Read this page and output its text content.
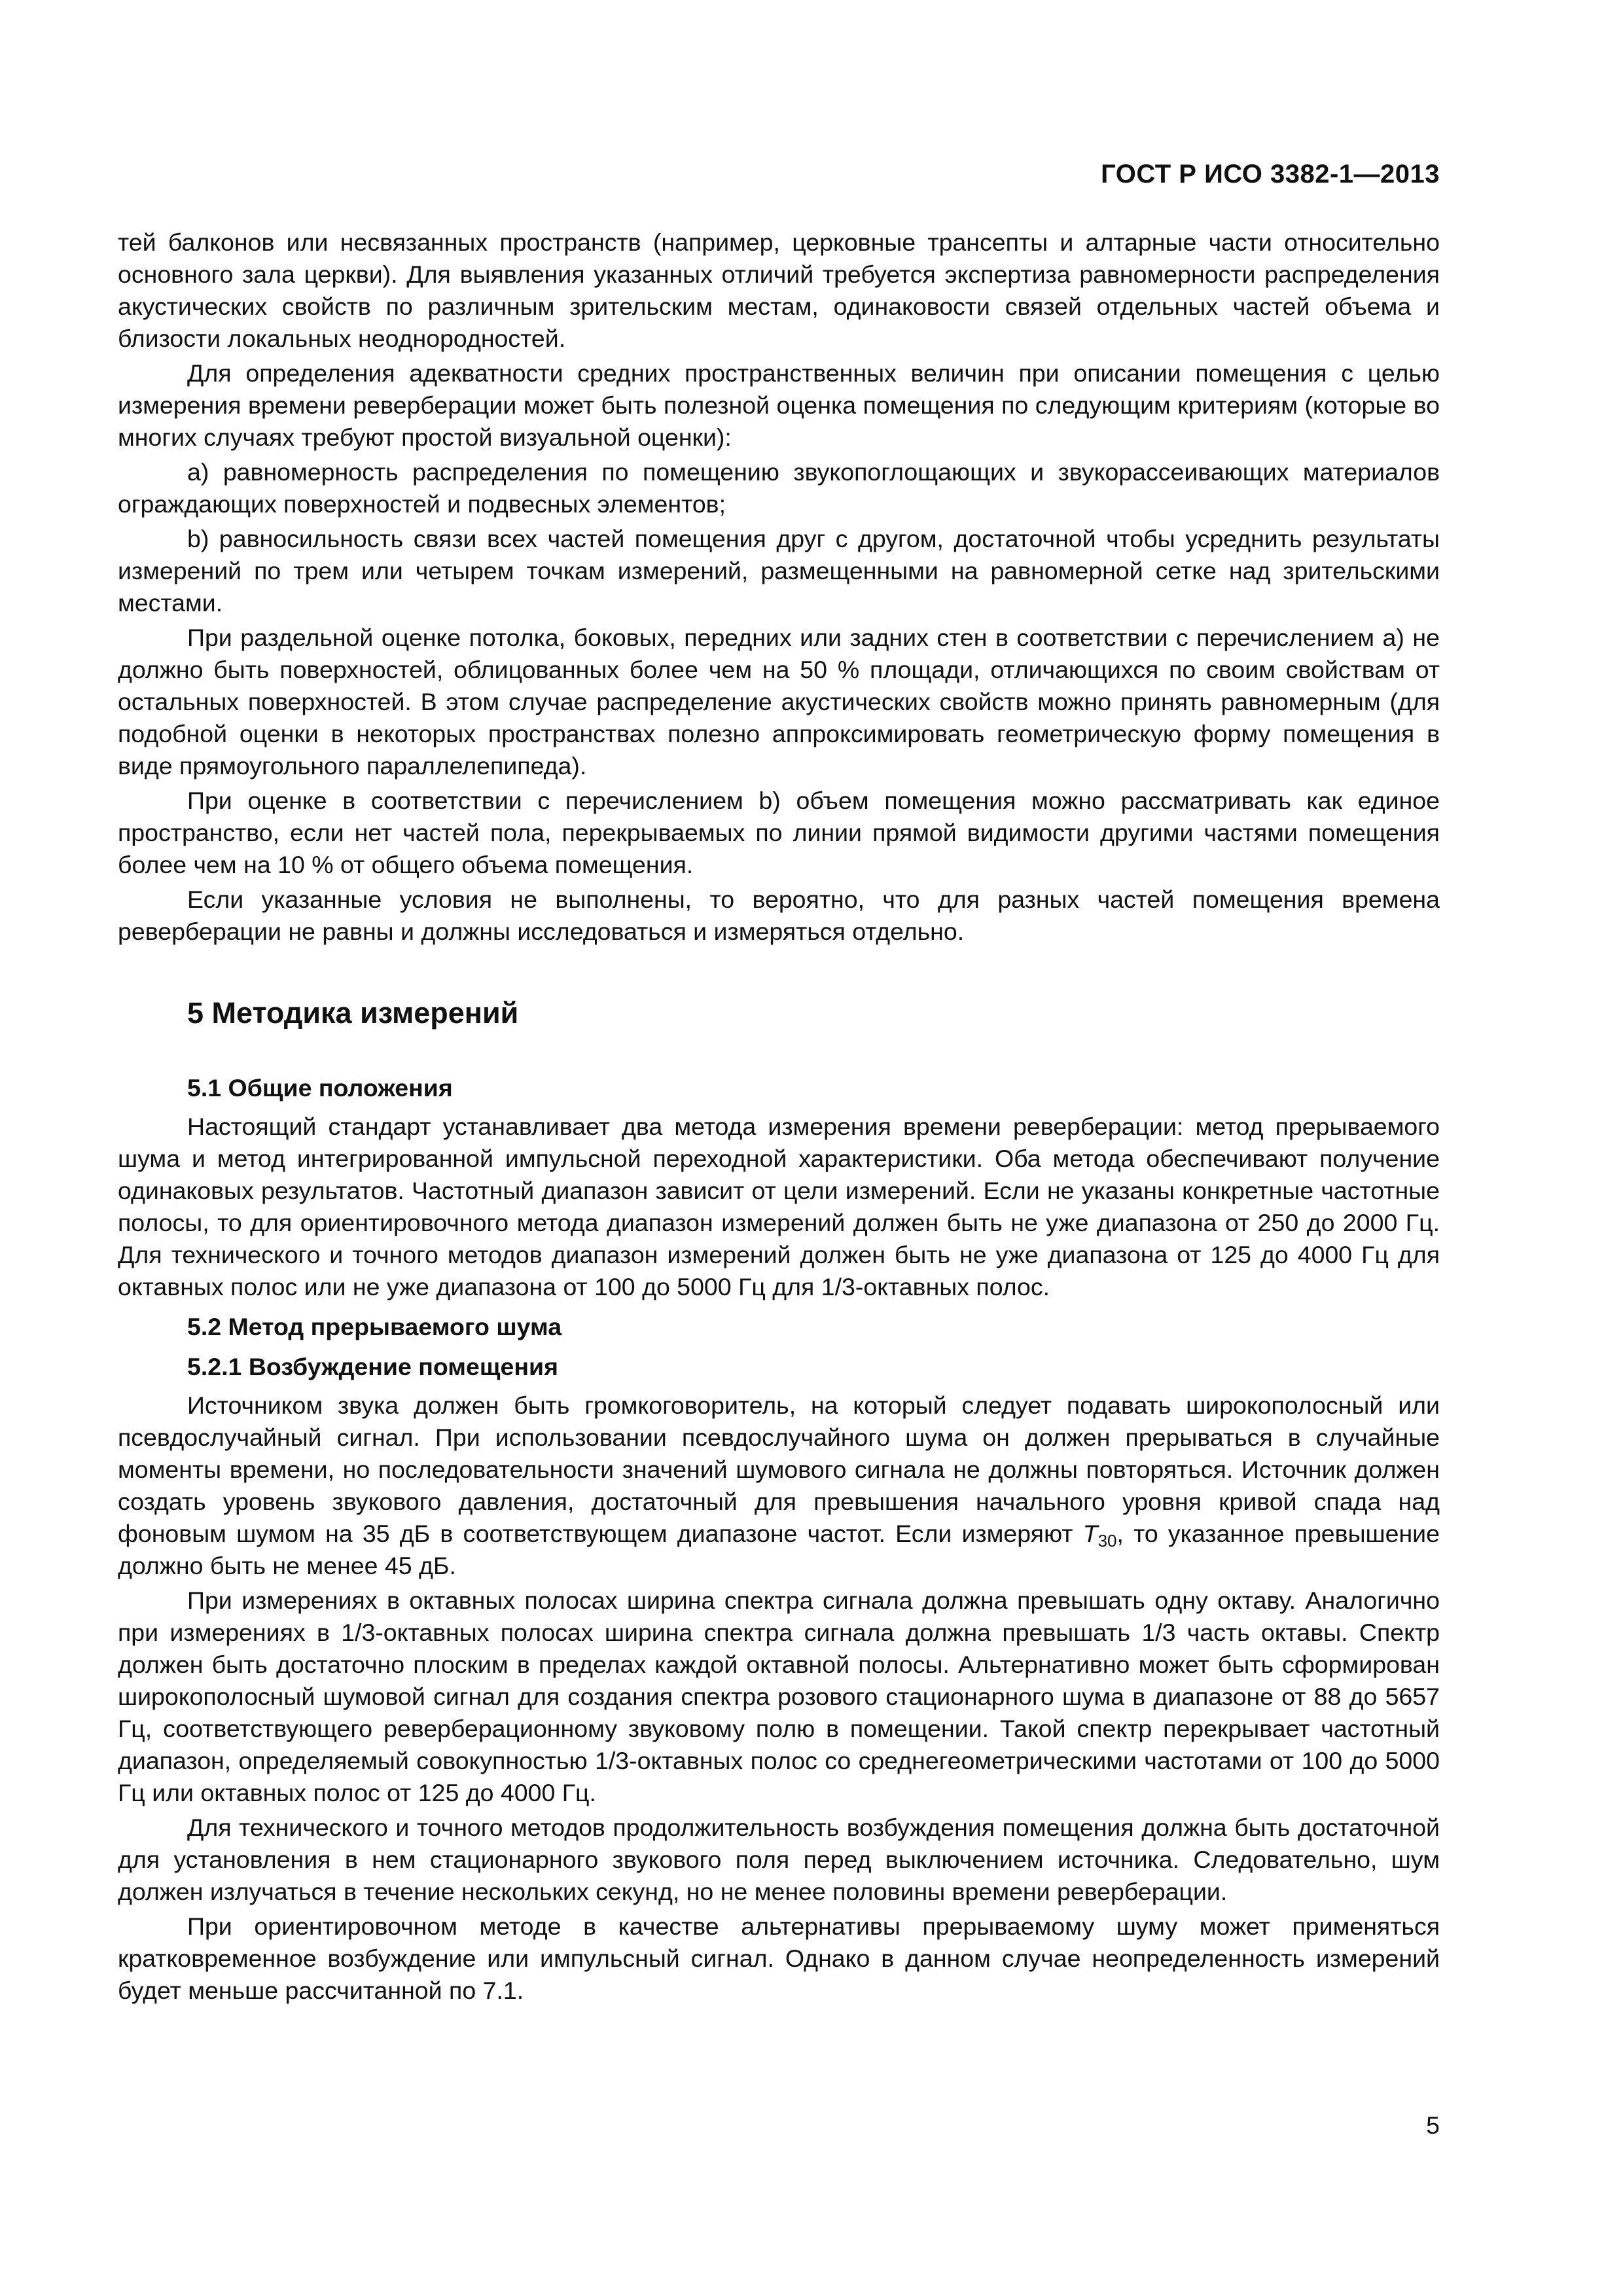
ГОСТ Р ИСО 3382-1—2013

тей балконов или несвязанных пространств (например, церковные трансепты и алтарные части относительно основного зала церкви). Для выявления указанных отличий требуется экспертиза равномерности распределения акустических свойств по различным зрительским местам, одинаковости связей отдельных частей объема и близости локальных неоднородностей.

Для определения адекватности средних пространственных величин при описании помещения с целью измерения времени реверберации может быть полезной оценка помещения по следующим критериям (которые во многих случаях требуют простой визуальной оценки):

a) равномерность распределения по помещению звукопоглощающих и звукорассеивающих материалов ограждающих поверхностей и подвесных элементов;

b) равносильность связи всех частей помещения друг с другом, достаточной чтобы усреднить результаты измерений по трем или четырем точкам измерений, размещенными на равномерной сетке над зрительскими местами.

При раздельной оценке потолка, боковых, передних или задних стен в соответствии с перечислением a) не должно быть поверхностей, облицованных более чем на 50 % площади, отличающихся по своим свойствам от остальных поверхностей. В этом случае распределение акустических свойств можно принять равномерным (для подобной оценки в некоторых пространствах полезно аппроксимировать геометрическую форму помещения в виде прямоугольного параллелепипеда).

При оценке в соответствии с перечислением b) объем помещения можно рассматривать как единое пространство, если нет частей пола, перекрываемых по линии прямой видимости другими частями помещения более чем на 10 % от общего объема помещения.

Если указанные условия не выполнены, то вероятно, что для разных частей помещения времена реверберации не равны и должны исследоваться и измеряться отдельно.

5 Методика измерений
5.1 Общие положения

Настоящий стандарт устанавливает два метода измерения времени реверберации: метод прерываемого шума и метод интегрированной импульсной переходной характеристики. Оба метода обеспечивают получение одинаковых результатов. Частотный диапазон зависит от цели измерений. Если не указаны конкретные частотные полосы, то для ориентировочного метода диапазон измерений должен быть не уже диапазона от 250 до 2000 Гц. Для технического и точного методов диапазон измерений должен быть не уже диапазона от 125 до 4000 Гц для октавных полос или не уже диапазона от 100 до 5000 Гц для 1/3-октавных полос.

5.2 Метод прерываемого шума
5.2.1 Возбуждение помещения

Источником звука должен быть громкоговоритель, на который следует подавать широкополосный или псевдослучайный сигнал. При использовании псевдослучайного шума он должен прерываться в случайные моменты времени, но последовательности значений шумового сигнала не должны повторяться. Источник должен создать уровень звукового давления, достаточный для превышения начального уровня кривой спада над фоновым шумом на 35 дБ в соответствующем диапазоне частот. Если измеряют $T_{30}$, то указанное превышение должно быть не менее 45 дБ.

При измерениях в октавных полосах ширина спектра сигнала должна превышать одну октаву. Аналогично при измерениях в 1/3-октавных полосах ширина спектра сигнала должна превышать 1/3 часть октавы. Спектр должен быть достаточно плоским в пределах каждой октавной полосы. Альтернативно может быть сформирован широкополосный шумовой сигнал для создания спектра розового стационарного шума в диапазоне от 88 до 5657 Гц, соответствующего реверберационному звуковому полю в помещении. Такой спектр перекрывает частотный диапазон, определяемый совокупностью 1/3-октавных полос со среднегеометрическими частотами от 100 до 5000 Гц или октавных полос от 125 до 4000 Гц.

Для технического и точного методов продолжительность возбуждения помещения должна быть достаточной для установления в нем стационарного звукового поля перед выключением источника. Следовательно, шум должен излучаться в течение нескольких секунд, но не менее половины времени реверберации.

При ориентировочном методе в качестве альтернативы прерываемому шуму может применяться кратковременное возбуждение или импульсный сигнал. Однако в данном случае неопределенность измерений будет меньше рассчитанной по 7.1.

5
